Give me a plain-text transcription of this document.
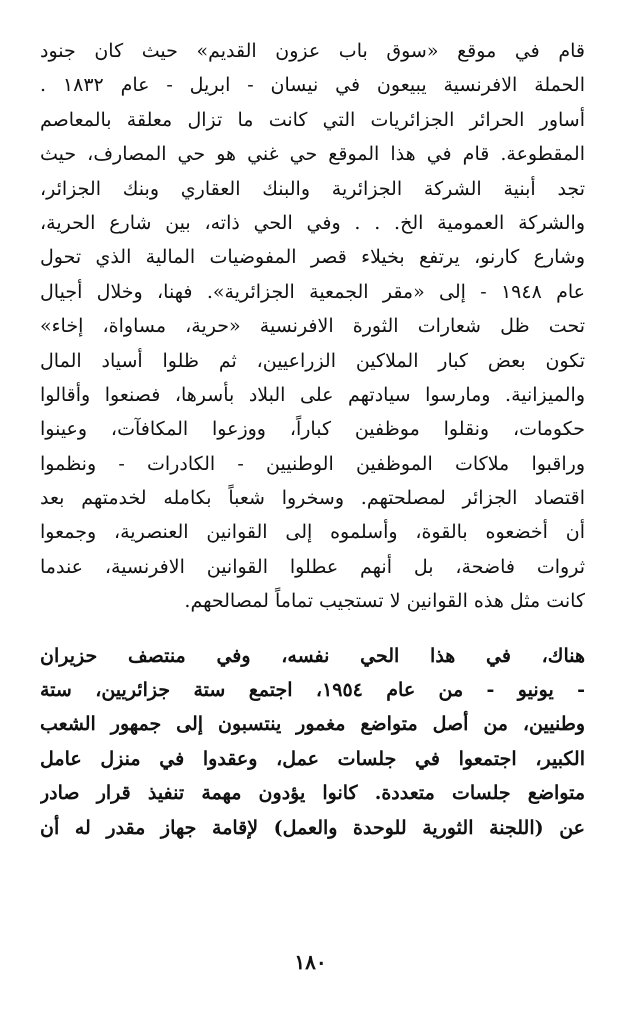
قام في موقع «سوق باب عزون القديم» حيث كان جنود
الحملة الافرنسية يبيعون في نيسان - ابريل - عام ١٨٣٢ .
أساور الحرائر الجزائريات التي كانت ما تزال معلقة بالمعاصم
المقطوعة. قام في هذا الموقع حي غني هو حي المصارف، حيث
تجد أبنية الشركة الجزائرية والبنك العقاري وبنك الجزائر،
والشركة العمومية الخ. . . وفي الحي ذاته، بين شارع الحرية،
وشارع كارنو، يرتفع بخيلاء قصر المفوضيات المالية الذي تحول
عام ١٩٤٨ - إلى «مقر الجمعية الجزائرية». فهنا، وخلال أجيال
تحت ظل شعارات الثورة الافرنسية «حرية، مساواة، إخاء»
تكون بعض كبار الملاكين الزراعيين، ثم ظلوا أسياد المال
والميزانية. ومارسوا سيادتهم على البلاد بأسرها، فصنعوا وأقالوا
حكومات، ونقلوا موظفين كباراً، ووزعوا المكافآت، وعينوا
وراقبوا ملاكات الموظفين الوطنيين - الكادرات - ونظموا
اقتصاد الجزائر لمصلحتهم. وسخروا شعباً بكامله لخدمتهم بعد
أن أخضعوه بالقوة، وأسلموه إلى القوانين العنصرية، وجمعوا
ثروات فاضحة، بل أنهم عطلوا القوانين الافرنسية، عندما
كانت مثل هذه القوانين لا تستجيب تماماً لمصالحهم.
هناك، في هذا الحي نفسه، وفي منتصف حزيران
- يونيو - من عام ١٩٥٤، اجتمع ستة جزائريين، ستة
وطنيين، من أصل متواضع مغمور ينتسبون إلى جمهور الشعب
الكبير، اجتمعوا في جلسات عمل، وعقدوا في منزل عامل
متواضع جلسات متعددة. كانوا يؤدون مهمة تنفيذ قرار صادر
عن (اللجنة الثورية للوحدة والعمل) لإقامة جهاز مقدر له أن
١٨٠
